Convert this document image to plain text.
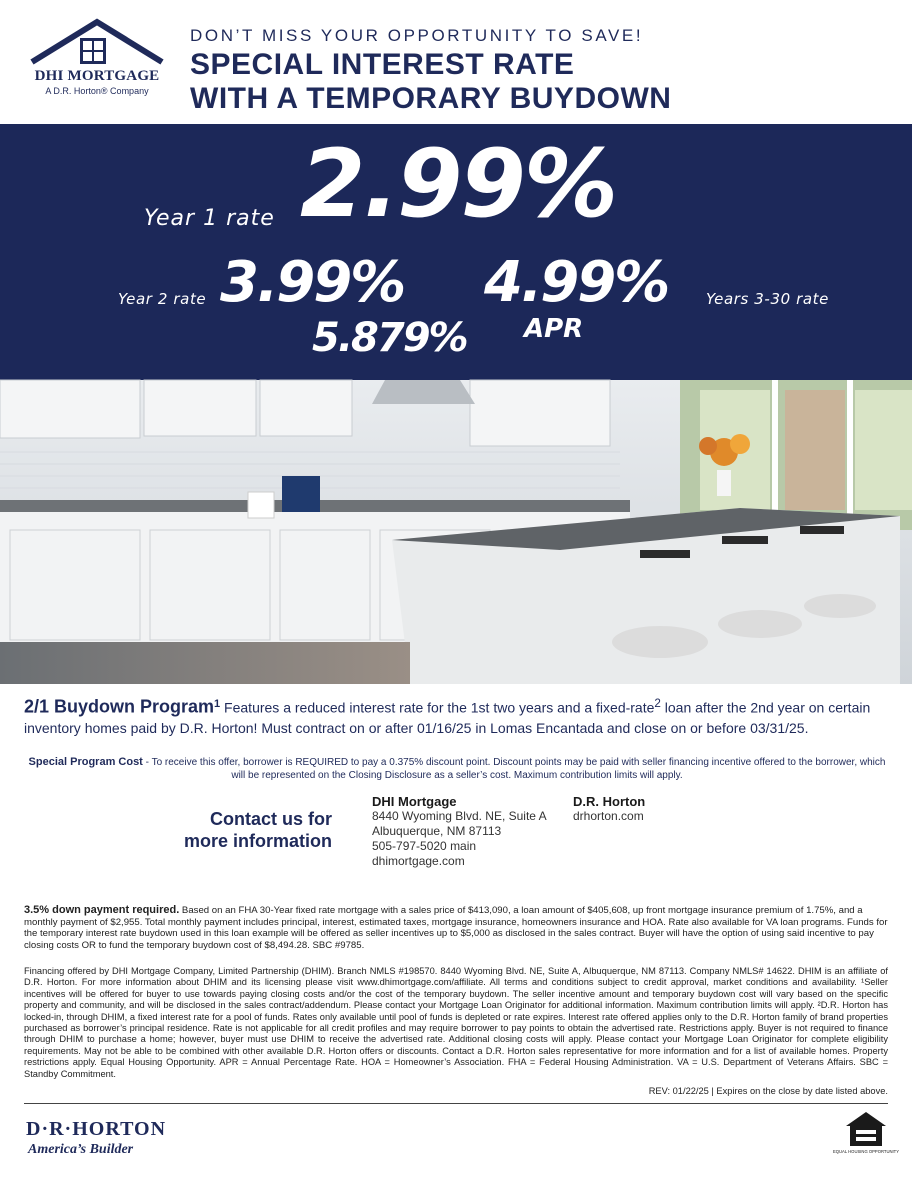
DHI MORTGAGE
A D.R. Horton® Company
DON’T MISS YOUR OPPORTUNITY TO SAVE!
SPECIAL INTEREST RATE
WITH A TEMPORARY BUYDOWN
Year 1 rate 2.99%
Year 2 rate 3.99% 4.99%	Years 3-30 rate
5.879% APR
2/1 Buydown Program$^1$ Features a reduced interest rate for the 1st two years and a fixed-rate$^2$ loan after the 2nd year on certain inventory homes paid by D.R. Horton! Must contract on or after 01/16/25 in Lomas Encantada and close on or before 03/31/25.
Special Program Cost - To receive this offer, borrower is REQUIRED to pay a 0.375% discount point. Discount points may be paid with seller financing incentive offered to the borrower, which will be represented on the Closing Disclosure as a seller’s cost. Maximum contribution limits will apply.
Contact us for
more information
DHI Mortgage
8440 Wyoming Blvd. NE, Suite A
Albuquerque, NM 87113
505-797-5020 main
dhimortgage.com
D.R. Horton
drhorton.com
3.5% down payment required. Based on an FHA 30-Year fixed rate mortgage with a sales price of $413,090, a loan amount of $405,608, up front mortgage insurance premium of 1.75%, and a monthly payment of $2,955. Total monthly payment includes principal, interest, estimated taxes, mortgage insurance, homeowners insurance and HOA. Rate also available for VA loan programs. Funds for the temporary interest rate buydown used in this loan example will be offered as seller incentives up to $5,000 as disclosed in the sales contract. Buyer will have the option of using said incentive to pay closing costs OR to fund the temporary buydown cost of $8,494.28. SBC #9785.
Financing offered by DHI Mortgage Company, Limited Partnership (DHIM). Branch NMLS #198570. 8440 Wyoming Blvd. NE, Suite A, Albuquerque, NM 87113. Company NMLS# 14622. DHIM is an affiliate of D.R. Horton. For more information about DHIM and its licensing please visit www.dhimortgage.com/affiliate. All terms and conditions subject to credit approval, market conditions and availability. ¹Seller incentives will be offered for buyer to use towards paying closing costs and/or the cost of the temporary buydown. The seller incentive amount and temporary buydown cost will vary based on the specific property and community, and will be disclosed in the sales contract/addendum. Please contact your Mortgage Loan Originator for additional information. Maximum contribution limits will apply. ²D.R. Horton has locked-in, through DHIM, a fixed interest rate for a pool of funds. Rates only available until pool of funds is depleted or rate expires. Interest rate offered applies only to the D.R. Horton family of brand properties purchased as borrower’s principal residence. Rate is not applicable for all credit profiles and may require borrower to pay points to obtain the advertised rate. Restrictions apply. Buyer is not required to finance through DHIM to purchase a home; however, buyer must use DHIM to receive the advertised rate. Additional closing costs will apply. Please contact your Mortgage Loan Originator for complete eligibility requirements. May not be able to be combined with other available D.R. Horton offers or discounts. Contact a D.R. Horton sales representative for more information and for a list of available homes. Property restrictions apply. Equal Housing Opportunity. APR = Annual Percentage Rate. HOA = Homeowner’s Association. FHA = Federal Housing Administration. VA = U.S. Department of Veterans Affairs. SBC = Standby Commitment.
REV: 01/22/25 | Expires on the close by date listed above.
D·R·HORTON
America’s Builder	EQUAL HOUSING OPPORTUNITY
